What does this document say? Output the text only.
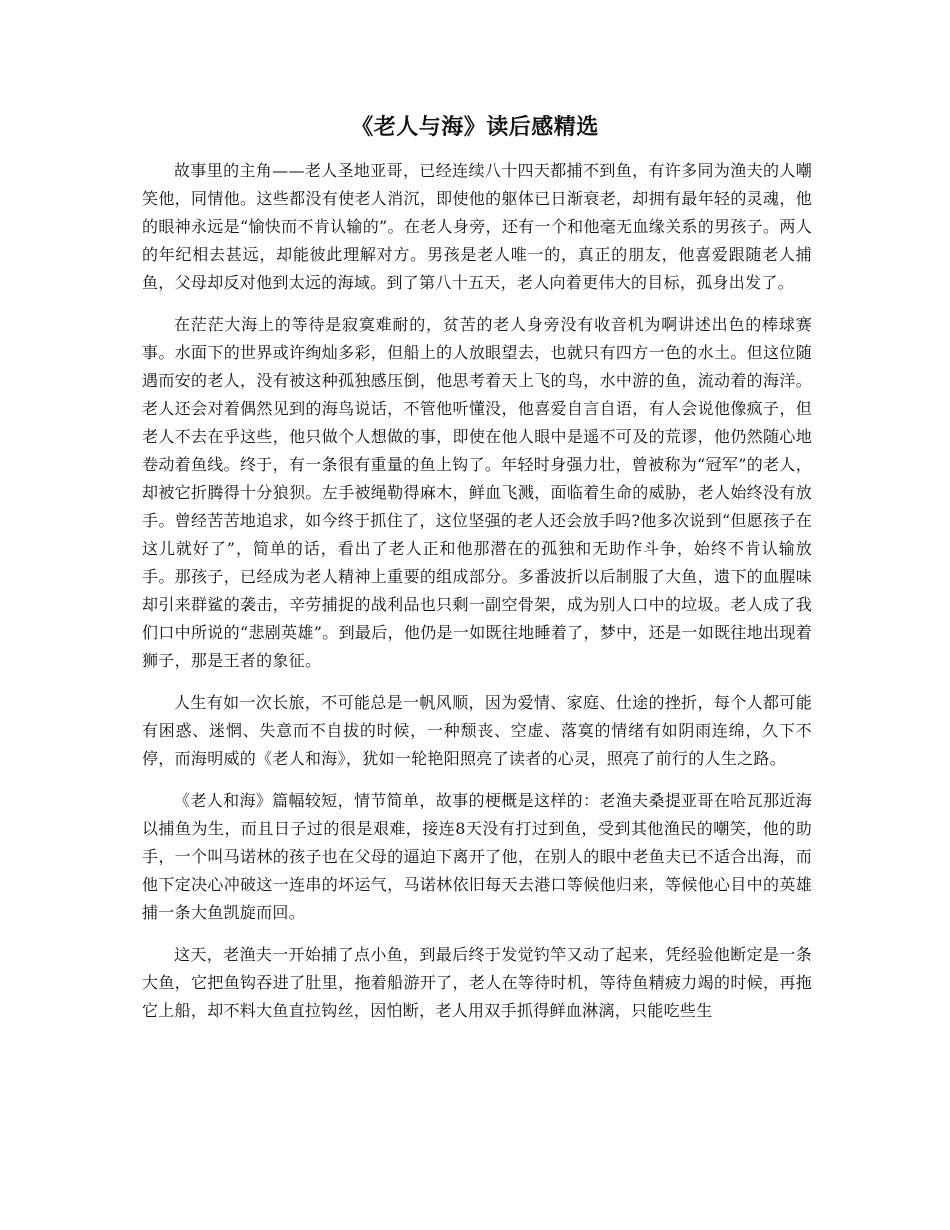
《老人与海》读后感精选

故事里的主角——老人圣地亚哥，已经连续八十四天都捕不到鱼，有许多同为渔夫的人嘲笑他，同情他。这些都没有使老人消沉，即使他的躯体已日渐衰老，却拥有最年轻的灵魂，他的眼神永远是“愉快而不肯认输的”。在老人身旁，还有一个和他毫无血缘关系的男孩子。两人的年纪相去甚远，却能彼此理解对方。男孩是老人唯一的，真正的朋友，他喜爱跟随老人捕鱼，父母却反对他到太远的海域。到了第八十五天，老人向着更伟大的目标，孤身出发了。

在茫茫大海上的等待是寂寞难耐的，贫苦的老人身旁没有收音机为啊讲述出色的棒球赛事。水面下的世界或许绚灿多彩，但船上的人放眼望去，也就只有四方一色的水土。但这位随遇而安的老人，没有被这种孤独感压倒，他思考着天上飞的鸟，水中游的鱼，流动着的海洋。老人还会对着偶然见到的海鸟说话，不管他听懂没，他喜爱自言自语，有人会说他像疯子，但老人不去在乎这些，他只做个人想做的事，即使在他人眼中是遥不可及的荒谬，他仍然随心地卷动着鱼线。终于，有一条很有重量的鱼上钩了。年轻时身强力壮，曾被称为“冠军”的老人，却被它折腾得十分狼狈。左手被绳勒得麻木，鲜血飞溅，面临着生命的威胁，老人始终没有放手。曾经苦苦地追求，如今终于抓住了，这位坚强的老人还会放手吗?他多次说到“但愿孩子在这儿就好了”，简单的话，看出了老人正和他那潜在的孤独和无助作斗争，始终不肯认输放手。那孩子，已经成为老人精神上重要的组成部分。多番波折以后制服了大鱼，遗下的血腥味却引来群鲨的袭击，辛劳捕捉的战利品也只剩一副空骨架，成为别人口中的垃圾。老人成了我们口中所说的“悲剧英雄”。到最后，他仍是一如既往地睡着了，梦中，还是一如既往地出现着狮子，那是王者的象征。

人生有如一次长旅，不可能总是一帆风顺，因为爱情、家庭、仕途的挫折，每个人都可能有困惑、迷惘、失意而不自拔的时候，一种颓丧、空虚、落寞的情绪有如阴雨连绵，久下不停，而海明威的《老人和海》，犹如一轮艳阳照亮了读者的心灵，照亮了前行的人生之路。

《老人和海》篇幅较短，情节简单，故事的梗概是这样的：老渔夫桑提亚哥在哈瓦那近海以捕鱼为生，而且日子过的很是艰难，接连8天没有打过到鱼，受到其他渔民的嘲笑，他的助手，一个叫马诺林的孩子也在父母的逼迫下离开了他，在别人的眼中老鱼夫已不适合出海，而他下定决心冲破这一连串的坏运气，马诺林依旧每天去港口等候他归来，等候他心目中的英雄捕一条大鱼凯旋而回。

这天，老渔夫一开始捕了点小鱼，到最后终于发觉钓竿又动了起来，凭经验他断定是一条大鱼，它把鱼钩吞进了肚里，拖着船游开了，老人在等待时机，等待鱼精疲力竭的时候，再拖它上船，却不料大鱼直拉钩丝，因怕断，老人用双手抓得鲜血淋漓，只能吃些生
